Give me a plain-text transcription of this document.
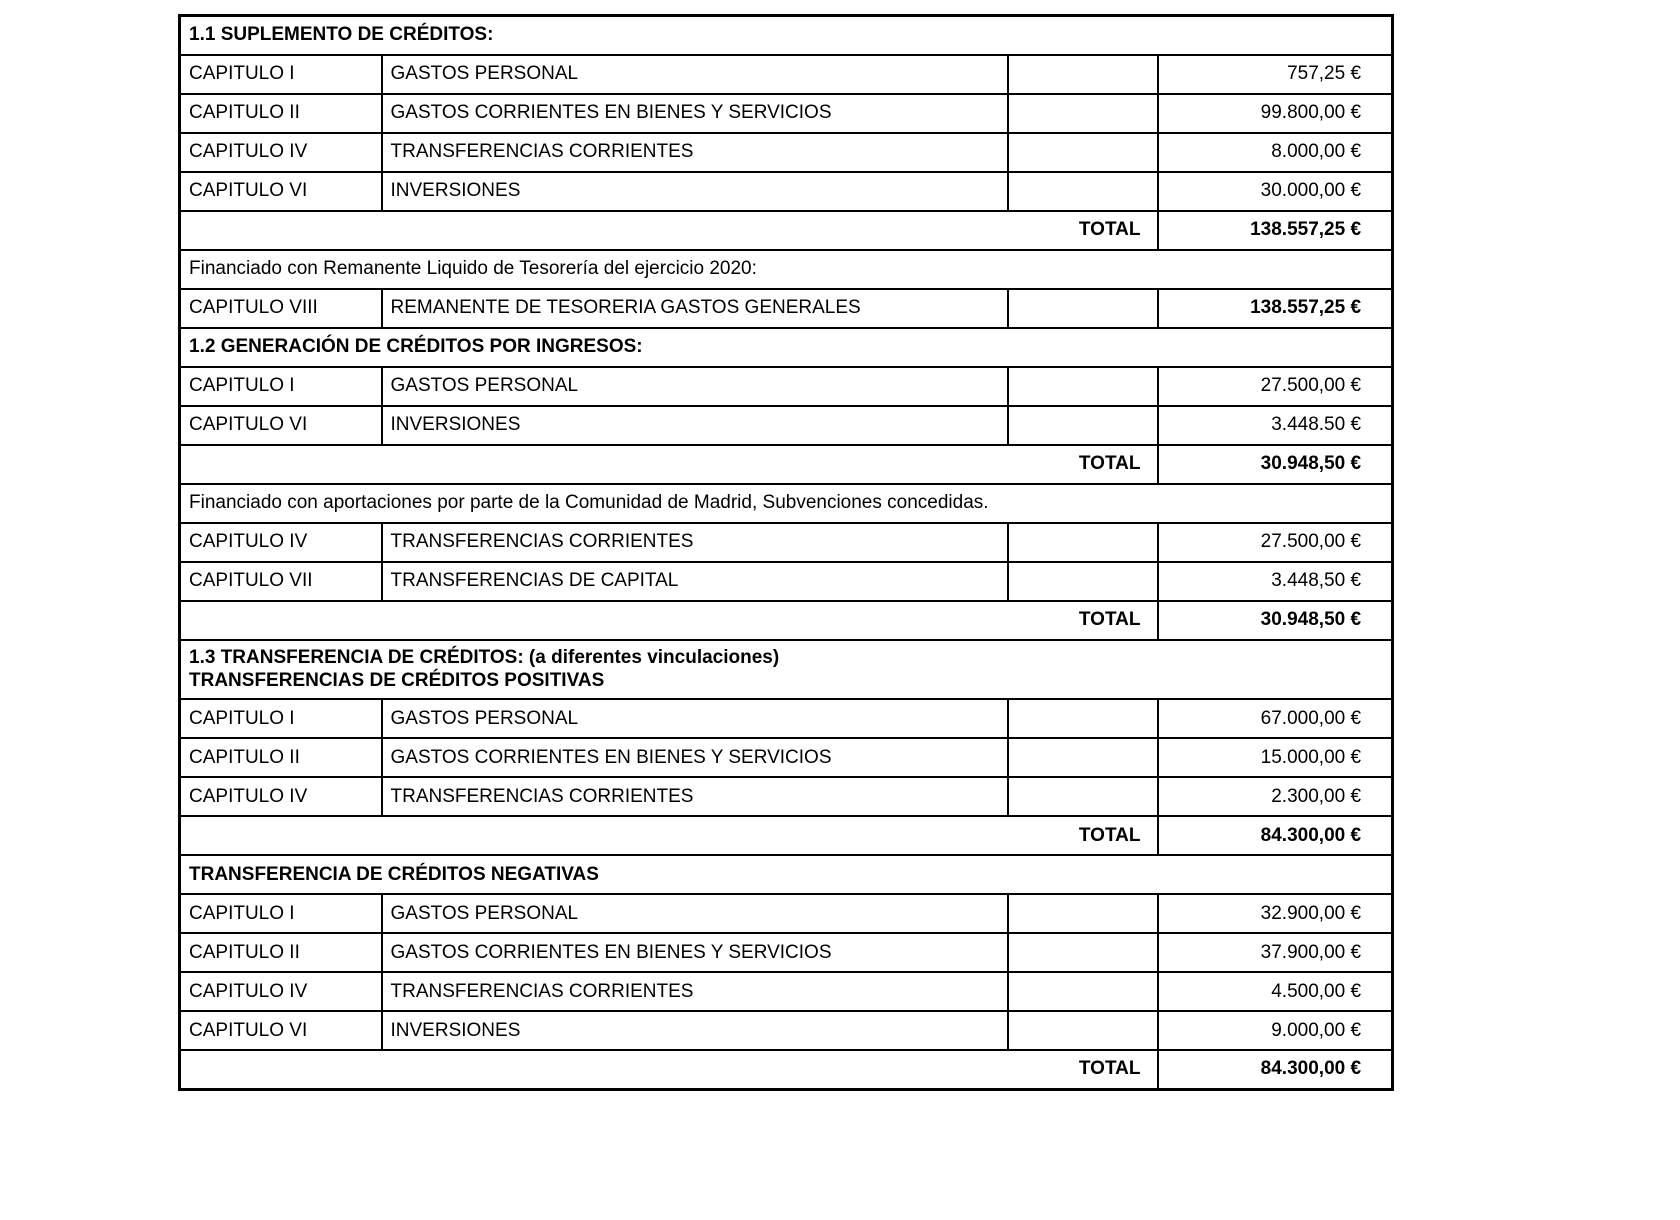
1.1 SUPLEMENTO DE CRÉDITOS:			

CAPITULO I	GASTOS PERSONAL		757,25 €
CAPITULO II	GASTOS CORRIENTES EN BIENES Y SERVICIOS		99.800,00 €
CAPITULO IV	TRANSFERENCIAS CORRIENTES		8.000,00 €
CAPITULO VI	INVERSIONES		30.000,00 €
TOTAL			138.557,25 €
Financiado con Remanente Liquido de Tesorería del ejercicio 2020:			
CAPITULO VIII	REMANENTE DE TESORERIA GASTOS GENERALES		138.557,25 €

1.2 GENERACIÓN DE CRÉDITOS POR INGRESOS:			

CAPITULO I	GASTOS PERSONAL		27.500,00 €
CAPITULO VI	INVERSIONES		3.448.50 €
TOTAL			30.948,50 €
Financiado con aportaciones por parte de la Comunidad de Madrid, Subvenciones concedidas.			
CAPITULO IV	TRANSFERENCIAS CORRIENTES		27.500,00 €
CAPITULO VII	TRANSFERENCIAS DE CAPITAL		3.448,50 €
TOTAL			30.948,50 €

1.3 TRANSFERENCIA DE CRÉDITOS: (a diferentes vinculaciones)
TRANSFERENCIAS DE CRÉDITOS POSITIVAS			

CAPITULO I	GASTOS PERSONAL		67.000,00 €
CAPITULO II	GASTOS CORRIENTES EN BIENES Y SERVICIOS		15.000,00 €
CAPITULO IV	TRANSFERENCIAS CORRIENTES		2.300,00 €
TOTAL			84.300,00 €

TRANSFERENCIA DE CRÉDITOS NEGATIVAS			

CAPITULO I	GASTOS PERSONAL		32.900,00 €
CAPITULO II	GASTOS CORRIENTES EN BIENES Y SERVICIOS		37.900,00 €
CAPITULO IV	TRANSFERENCIAS CORRIENTES		4.500,00 €
CAPITULO VI	INVERSIONES		9.000,00 €
TOTAL			84.300,00 €
